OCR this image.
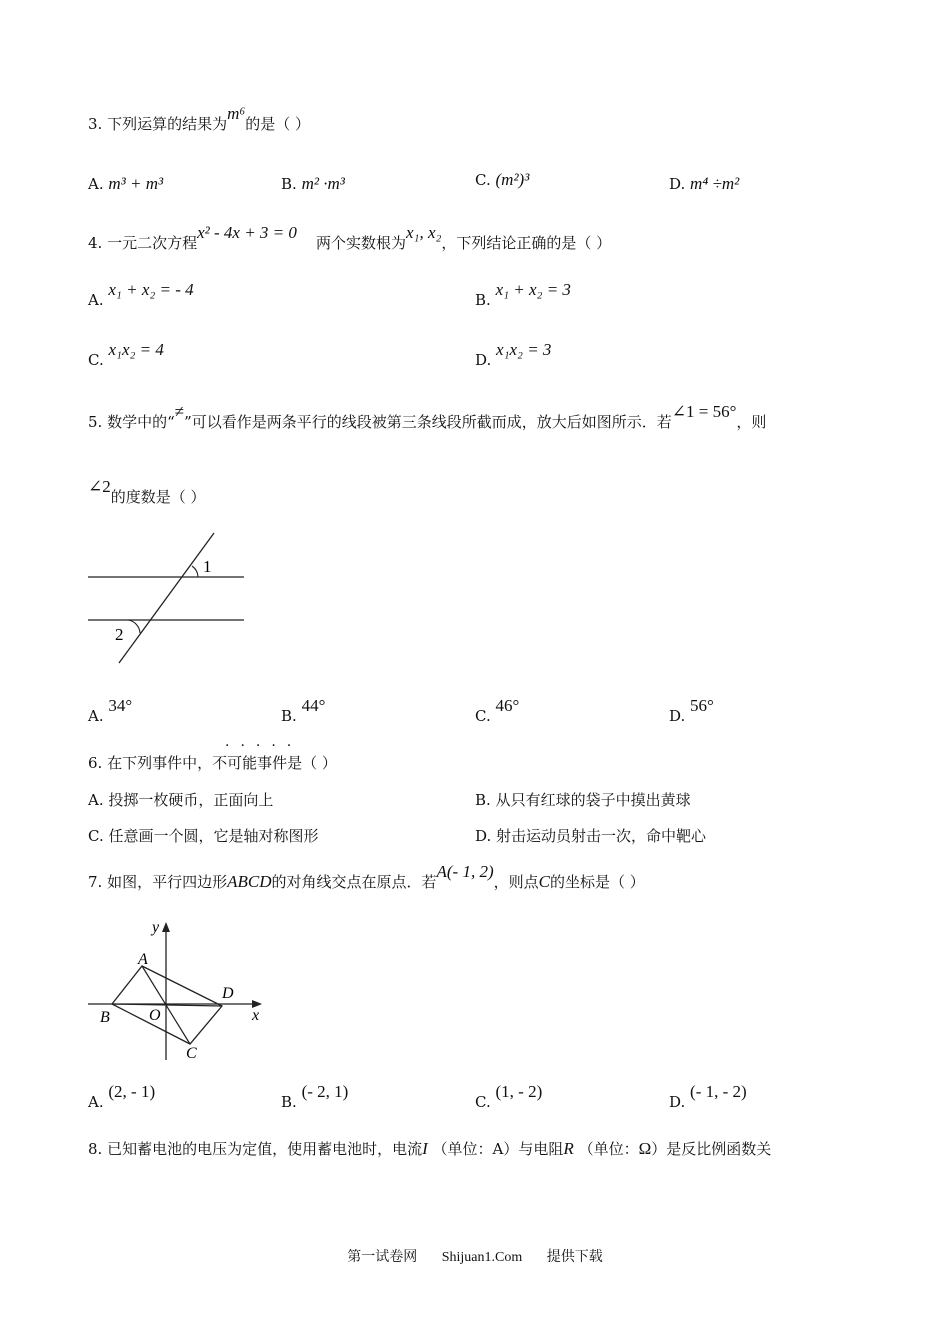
3. 下列运算的结果为m⁶的是（ ）
A. m³ + m³	B. m² ·m³	C. (m²)³	D. m⁴ ÷m²
4. 一元二次方程x² - 4x + 3 = 0    两个实数根为x₁, x₂，下列结论正确的是（ ）
A. x₁ + x₂ = - 4
B. x₁ + x₂ = 3
C. x₁x₂ = 4
D. x₁x₂ = 3
5. 数学中的“≠”可以看作是两条平行的线段被第三条线段所截而成，放大后如图所示．若∠1 = 56°，则
∠2的度数是（ ）
1
2
A. 34°
B. 44°
C. 46°
D. 56°
·····
6. 在下列事件中，不可能事件是（ ）
A. 投掷一枚硬币，正面向上	B. 从只有红球的袋子中摸出黄球
C. 任意画一个圆，它是轴对称图形	D. 射击运动员射击一次，命中靶心
7. 如图，平行四边形ABCD的对角线交点在原点．若A(- 1, 2)，则点C的坐标是（ ）
y
x
A
B
C
D
O
A. (2, - 1)
B. (- 2, 1)
C. (1, - 2)
D. (- 1, - 2)
8. 已知蓄电池的电压为定值，使用蓄电池时，电流I （单位：A）与电阻R （单位：Ω）是反比例函数关
第一试卷网 Shijuan1.Com 提供下载
